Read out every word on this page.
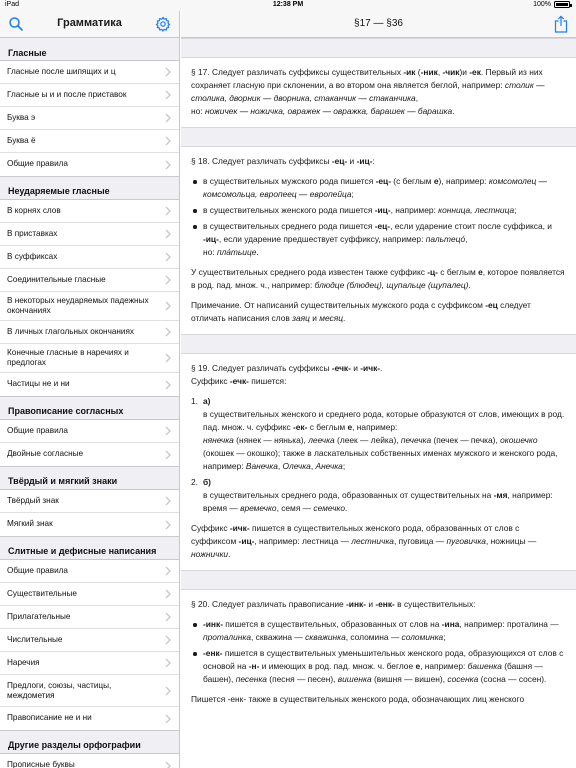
iPad	12:38 PM	100%
Грамматика
Гласные
Гласные после шипящих и ц
Гласные ы и и после приставок
Буква э
Буква ё
Общие правила
Неударяемые гласные
В корнях слов
В приставках
В суффиксах
Соединительные гласные
В некоторых неударяемых падежных окончаниях
В личных глагольных окончаниях
Конечные гласные в наречиях и предлогах
Частицы не и ни
Правописание согласных
Общие правила
Двойные согласные
Твёрдый и мягкий знаки
Твёрдый знак
Мягкий знак
Слитные и дефисные написания
Общие правила
Существительные
Прилагательные
Числительные
Наречия
Предлоги, союзы, частицы, междометия
Правописание не и ни
Другие разделы орфографии
Прописные буквы
§17 — §36

§ 17. Следует различать суффиксы существительных -ик (-ник, -чик)и -ек. Первый из них сохраняет гласную при склонении, а во втором она является беглой, например: столик — столика, дворник — дворника, стаканчик — стаканчика,
но: ножичек — ножичка, овражек — овражка, барашек — барашка.

§ 18. Следует различать суффиксы -ец- и -иц-:

в существительных мужского рода пишется -ец- (с беглым е), например: комсомолец — комсомольца, европеец — европейца;
в существительных женского рода пишется -иц-, например: конница, лестница;
в существительных среднего рода пишется -ец-, если ударение стоит после суффикса, и -иц-, если ударение предшествует суффиксу, например: пальтецо́,
но: пла́тьице.

У существительных среднего рода известен также суффикс -ц- с беглым е, которое появляется в род. пад. множ. ч., например: блюдце (блюдец), щупальце (щупалец).

Примечание. От написаний существительных мужского рода с суффиксом -ец следует отличать написания слов заяц и месяц.

§ 19. Следует различать суффиксы -ечк- и -ичк-.
Суффикс -ечк- пишется:

1. а)
в существительных женского и среднего рода, которые образуются от слов, имеющих в род. пад. множ. ч. суффикс -ек- с беглым е, например:
нянечка (нянек — нянька), леечка (леек — лейка), печечка (печек — печка), окошечко (окошек — окошко); также в ласкательных собственных именах мужского и женского рода, например: Ванечка, Олечка, Анечка;
2. б)
в существительных среднего рода, образованных от существительных на -мя, например: время — времечко, семя — семечко.

Суффикс -ичк- пишется в существительных женского рода, образованных от слов с суффиксом -иц-, например: лестница — лестничка, пуговица — пуговичка, ножницы — ножнички.

§ 20. Следует различать правописание -инк- и -енк- в существительных:

-инк- пишется в существительных, образованных от слов на -ина, например: проталина — проталинка, скважина — скважинка, соломина — соломинка;
-енк- пишется в существительных уменьшительных женского рода, образующихся от слов с основой на -н- и имеющих в род. пад. множ. ч. беглое е, например: башенка (башня — башен), песенка (песня — песен), вишенка (вишня — вишен), сосенка (сосна — сосен).

Пишется -енк- также в существительных женского рода, обозначающих лиц женского
